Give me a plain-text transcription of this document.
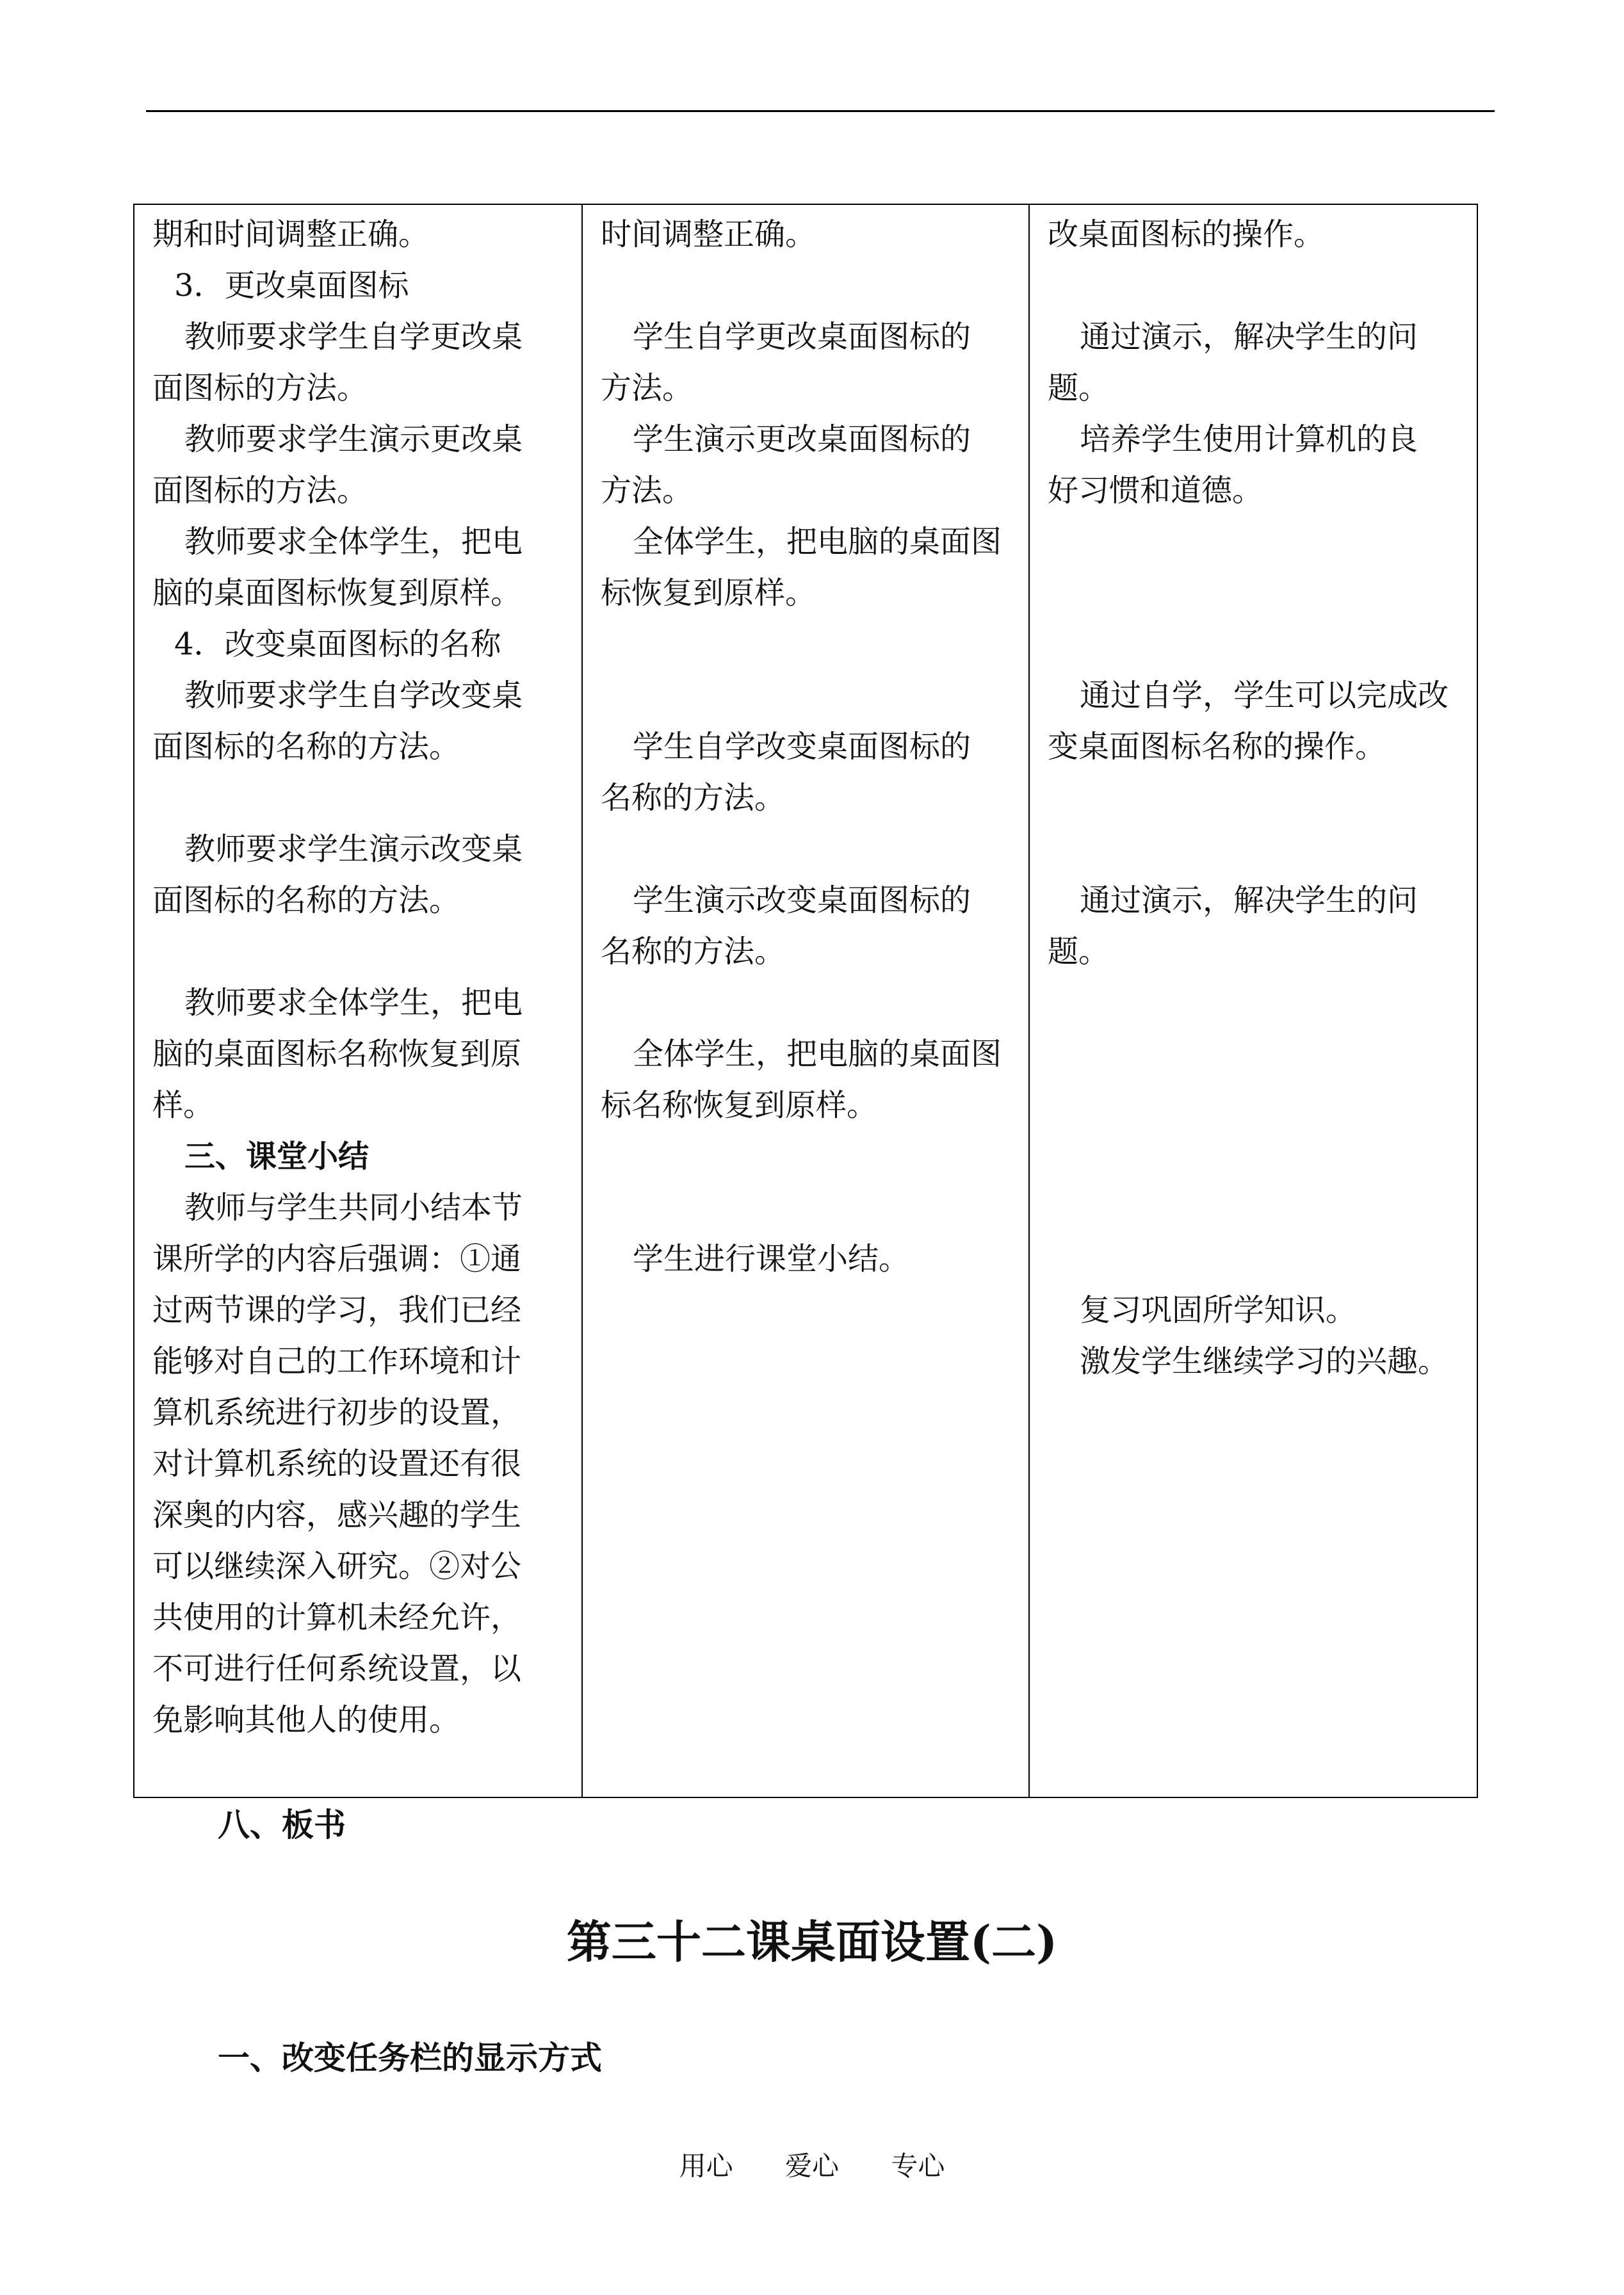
期和时间调整正确。
3．更改桌面图标
教师要求学生自学更改桌
面图标的方法。
教师要求学生演示更改桌
面图标的方法。
教师要求全体学生，把电
脑的桌面图标恢复到原样。
4．改变桌面图标的名称
教师要求学生自学改变桌
面图标的名称的方法。
教师要求学生演示改变桌
面图标的名称的方法。
教师要求全体学生，把电
脑的桌面图标名称恢复到原
样。
三、课堂小结
教师与学生共同小结本节
课所学的内容后强调：①通
过两节课的学习，我们已经
能够对自己的工作环境和计
算机系统进行初步的设置，
对计算机系统的设置还有很
深奥的内容，感兴趣的学生
可以继续深入研究。②对公
共使用的计算机未经允许，
不可进行任何系统设置，以
免影响其他人的使用。

时间调整正确。
学生自学更改桌面图标的
方法。
学生演示更改桌面图标的
方法。
全体学生，把电脑的桌面图
标恢复到原样。
学生自学改变桌面图标的
名称的方法。
学生演示改变桌面图标的
名称的方法。
全体学生，把电脑的桌面图
标名称恢复到原样。
学生进行课堂小结。

改桌面图标的操作。
通过演示，解决学生的问
题。
培养学生使用计算机的良
好习惯和道德。
通过自学，学生可以完成改
变桌面图标名称的操作。
通过演示，解决学生的问
题。
复习巩固所学知识。
激发学生继续学习的兴趣。
八、板书
第三十二课桌面设置(二)
一、改变任务栏的显示方式
用心 爱心 专心
